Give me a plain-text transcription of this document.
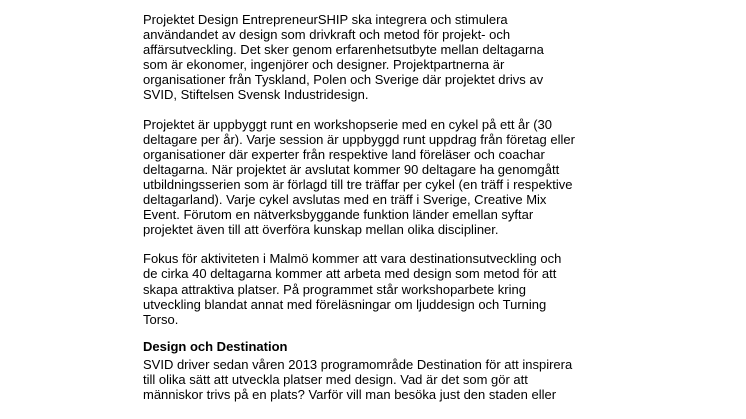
Projektet Design EntrepreneurSHIP ska integrera och stimulera
användandet av design som drivkraft och metod för projekt- och
affärsutveckling. Det sker genom erfarenhetsutbyte mellan deltagarna
som är ekonomer, ingenjörer och designer. Projektpartnerna är
organisationer från Tyskland, Polen och Sverige där projektet drivs av
SVID, Stiftelsen Svensk Industridesign.

Projektet är uppbyggt runt en workshopserie med en cykel på ett år (30
deltagare per år). Varje session är uppbyggd runt uppdrag från företag eller
organisationer där experter från respektive land föreläser och coachar
deltagarna. När projektet är avslutat kommer 90 deltagare ha genomgått
utbildningsserien som är förlagd till tre träffar per cykel (en träff i respektive
deltagarland). Varje cykel avslutas med en träff i Sverige, Creative Mix
Event. Förutom en nätverksbyggande funktion länder emellan syftar
projektet även till att överföra kunskap mellan olika discipliner.

Fokus för aktiviteten i Malmö kommer att vara destinationsutveckling och
de cirka 40 deltagarna kommer att arbeta med design som metod för att
skapa attraktiva platser. På programmet står workshoparbete kring
utveckling blandat annat med föreläsningar om ljuddesign och Turning
Torso.

Design och Destination

SVID driver sedan våren 2013 programområde Destination för att inspirera
till olika sätt att utveckla platser med design. Vad är det som gör att
människor trivs på en plats? Varför vill man besöka just den staden eller
